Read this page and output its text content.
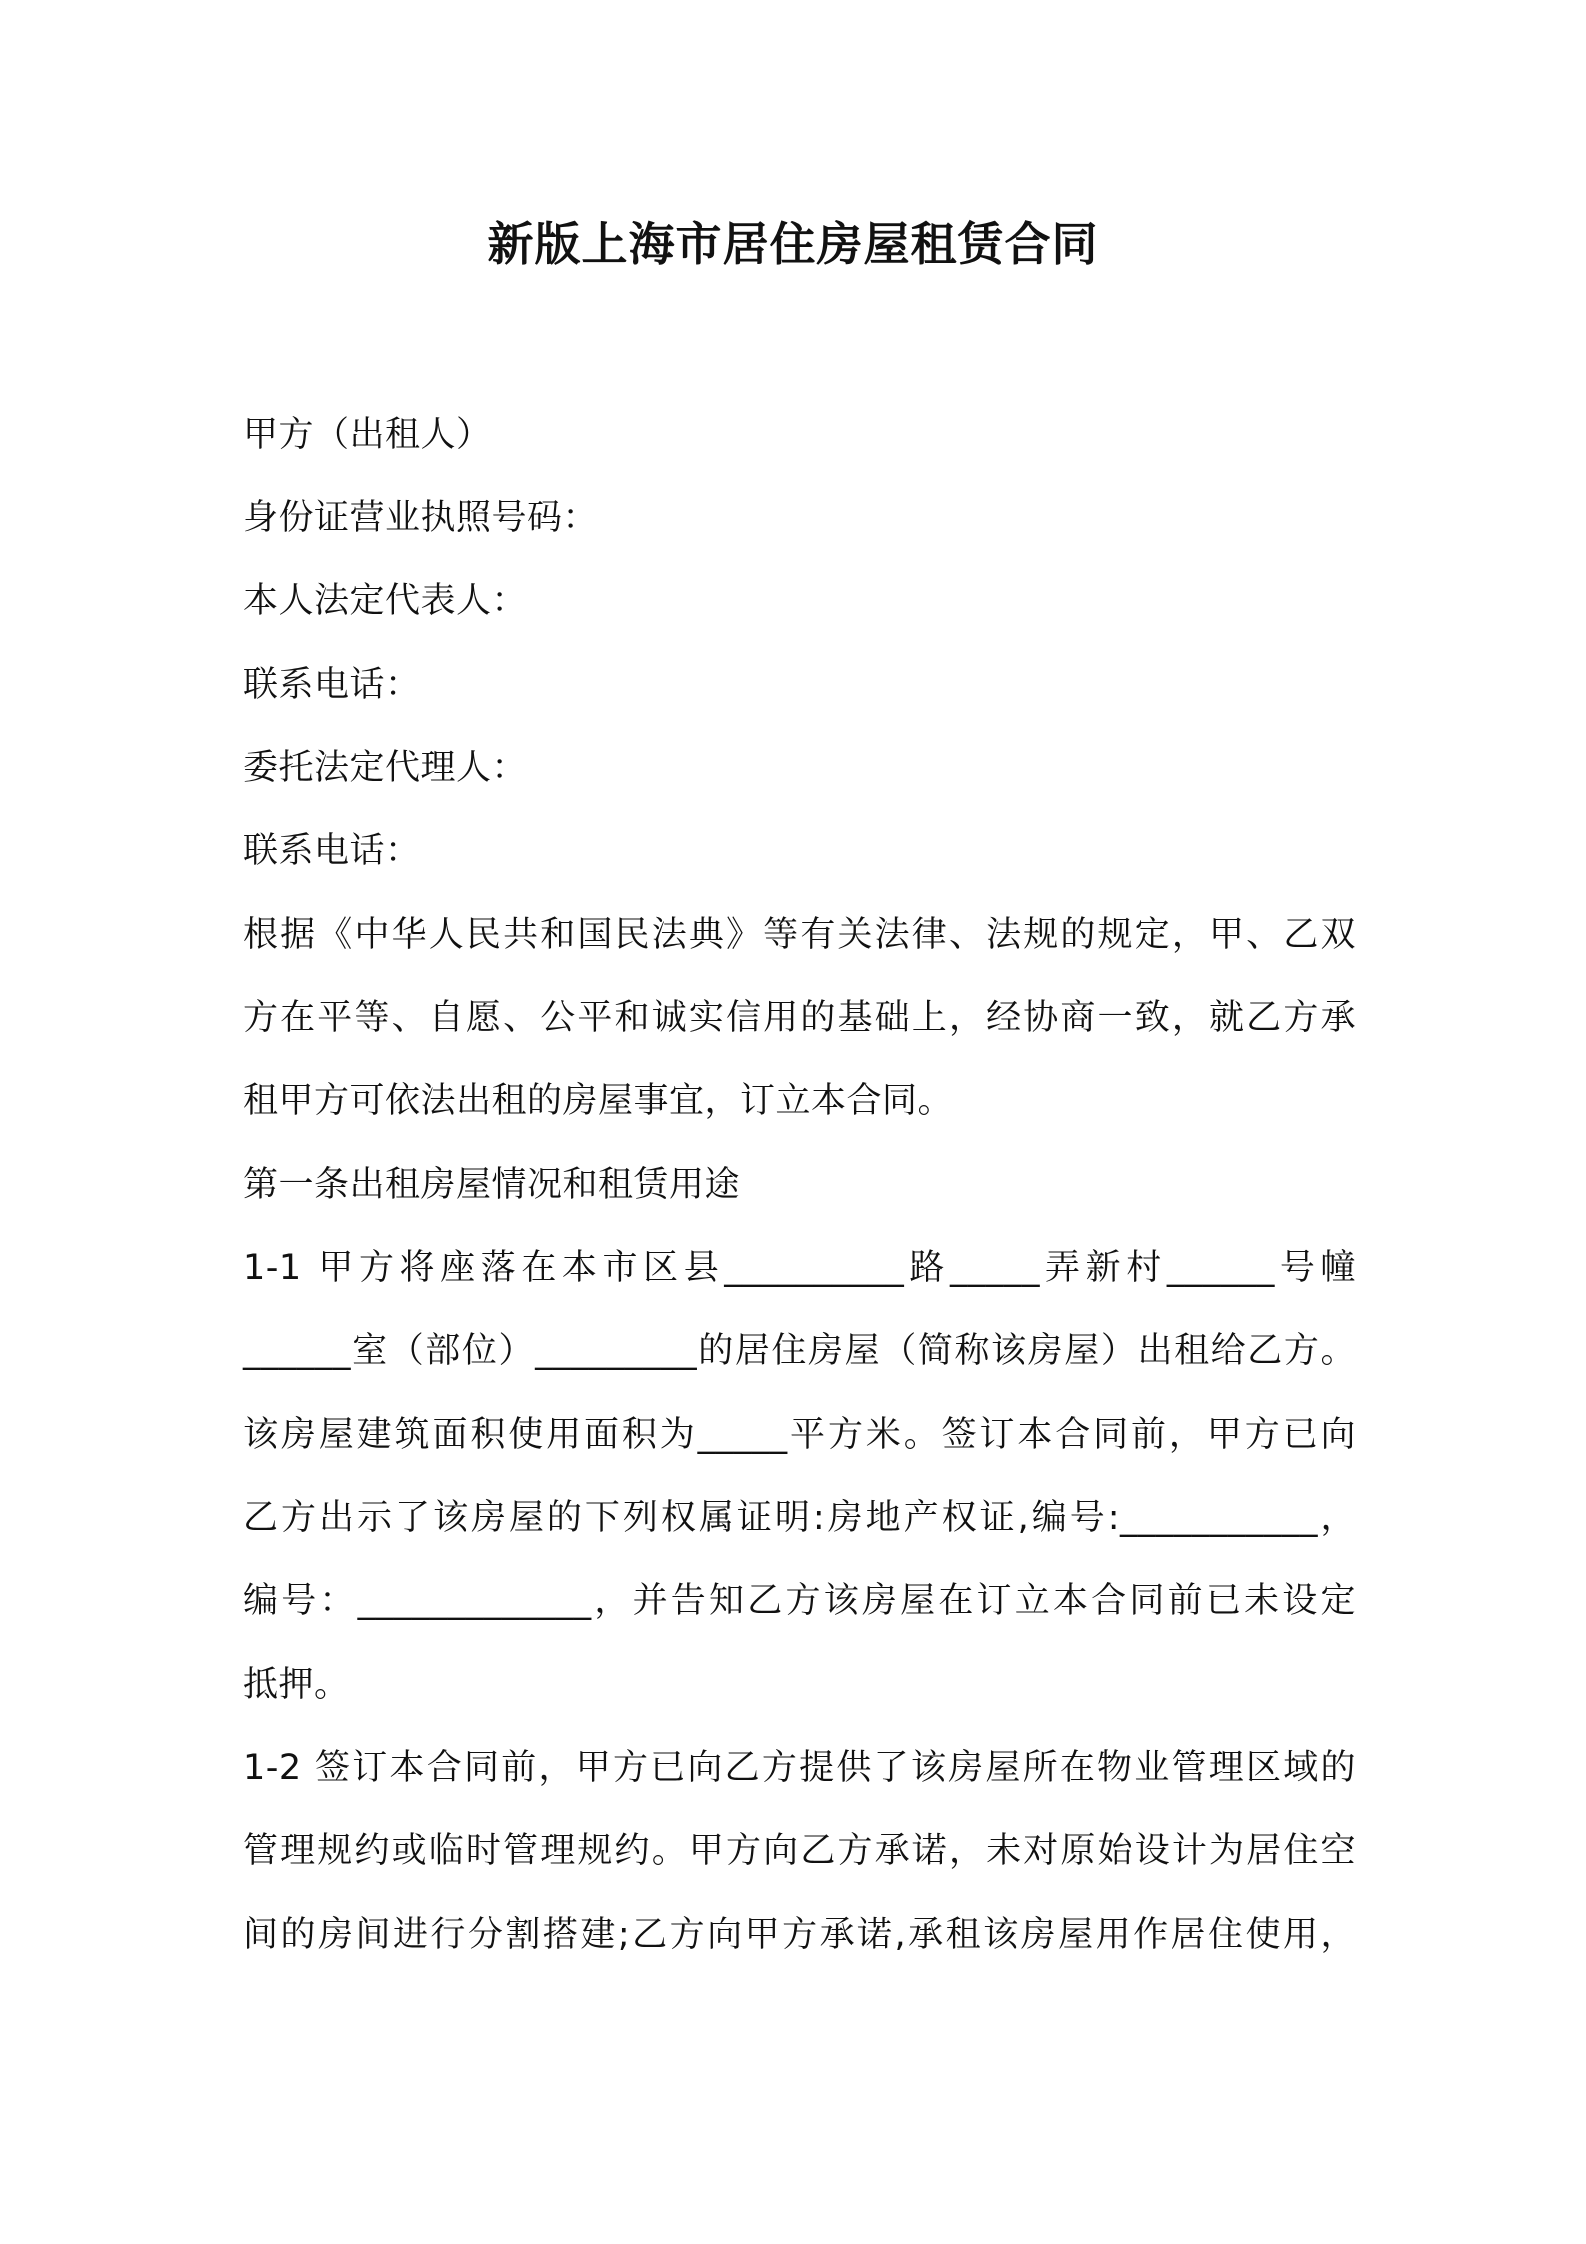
新版上海市居住房屋租赁合同
甲方（出租人）
身份证营业执照号码：
本人法定代表人：
联系电话：
委托法定代理人：
联系电话：
根据《中华人民共和国民法典》等有关法律、法规的规定，甲、乙双
方在平等、自愿、公平和诚实信用的基础上，经协商一致，就乙方承
租甲方可依法出租的房屋事宜，订立本合同。
第一条出租房屋情况和租赁用途
1-1 甲方将座落在本市区县__________路_____弄新村______号幢
______室（部位）_________的居住房屋（简称该房屋）出租给乙方。
该房屋建筑面积使用面积为_____平方米。签订本合同前，甲方已向
乙方出示了该房屋的下列权属证明:房地产权证,编号:___________，
编号：_____________，并告知乙方该房屋在订立本合同前已未设定
抵押。
1-2 签订本合同前，甲方已向乙方提供了该房屋所在物业管理区域的
管理规约或临时管理规约。甲方向乙方承诺，未对原始设计为居住空
间的房间进行分割搭建;乙方向甲方承诺,承租该房屋用作居住使用，
